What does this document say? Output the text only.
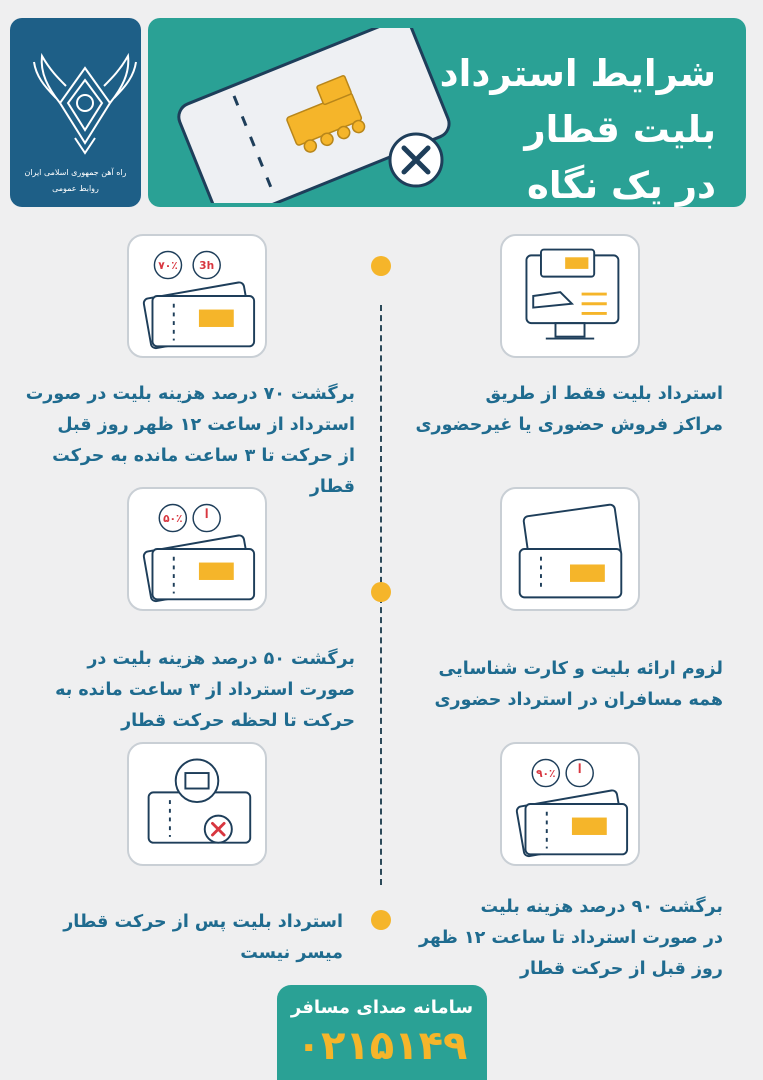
راه آهن جمهوری اسلامی ایران
روابط عمومی
شرایط استرداد
بلیت قطار
در یک نگاه
استرداد بلیت فقط از طریق
مراکز فروش حضوری یا غیرحضوری
۷۰٪ 3h
برگشت ۷۰ درصد هزینه بلیت در صورت
استرداد از ساعت ۱۲ ظهر روز قبل
از حرکت تا ۳ ساعت مانده به حرکت قطار
لزوم ارائه بلیت و کارت شناسایی
همه مسافران در استرداد حضوری
۵۰٪
برگشت ۵۰ درصد هزینه بلیت در
صورت استرداد از ۳ ساعت مانده به
حرکت تا لحظه حرکت قطار
۹۰٪
برگشت ۹۰ درصد هزینه بلیت
در صورت استرداد تا ساعت ۱۲ ظهر
روز قبل از حرکت قطار
استرداد بلیت پس از حرکت قطار
میسر نیست
سامانه صدای مسافر
۰۲۱۵۱۴۹
